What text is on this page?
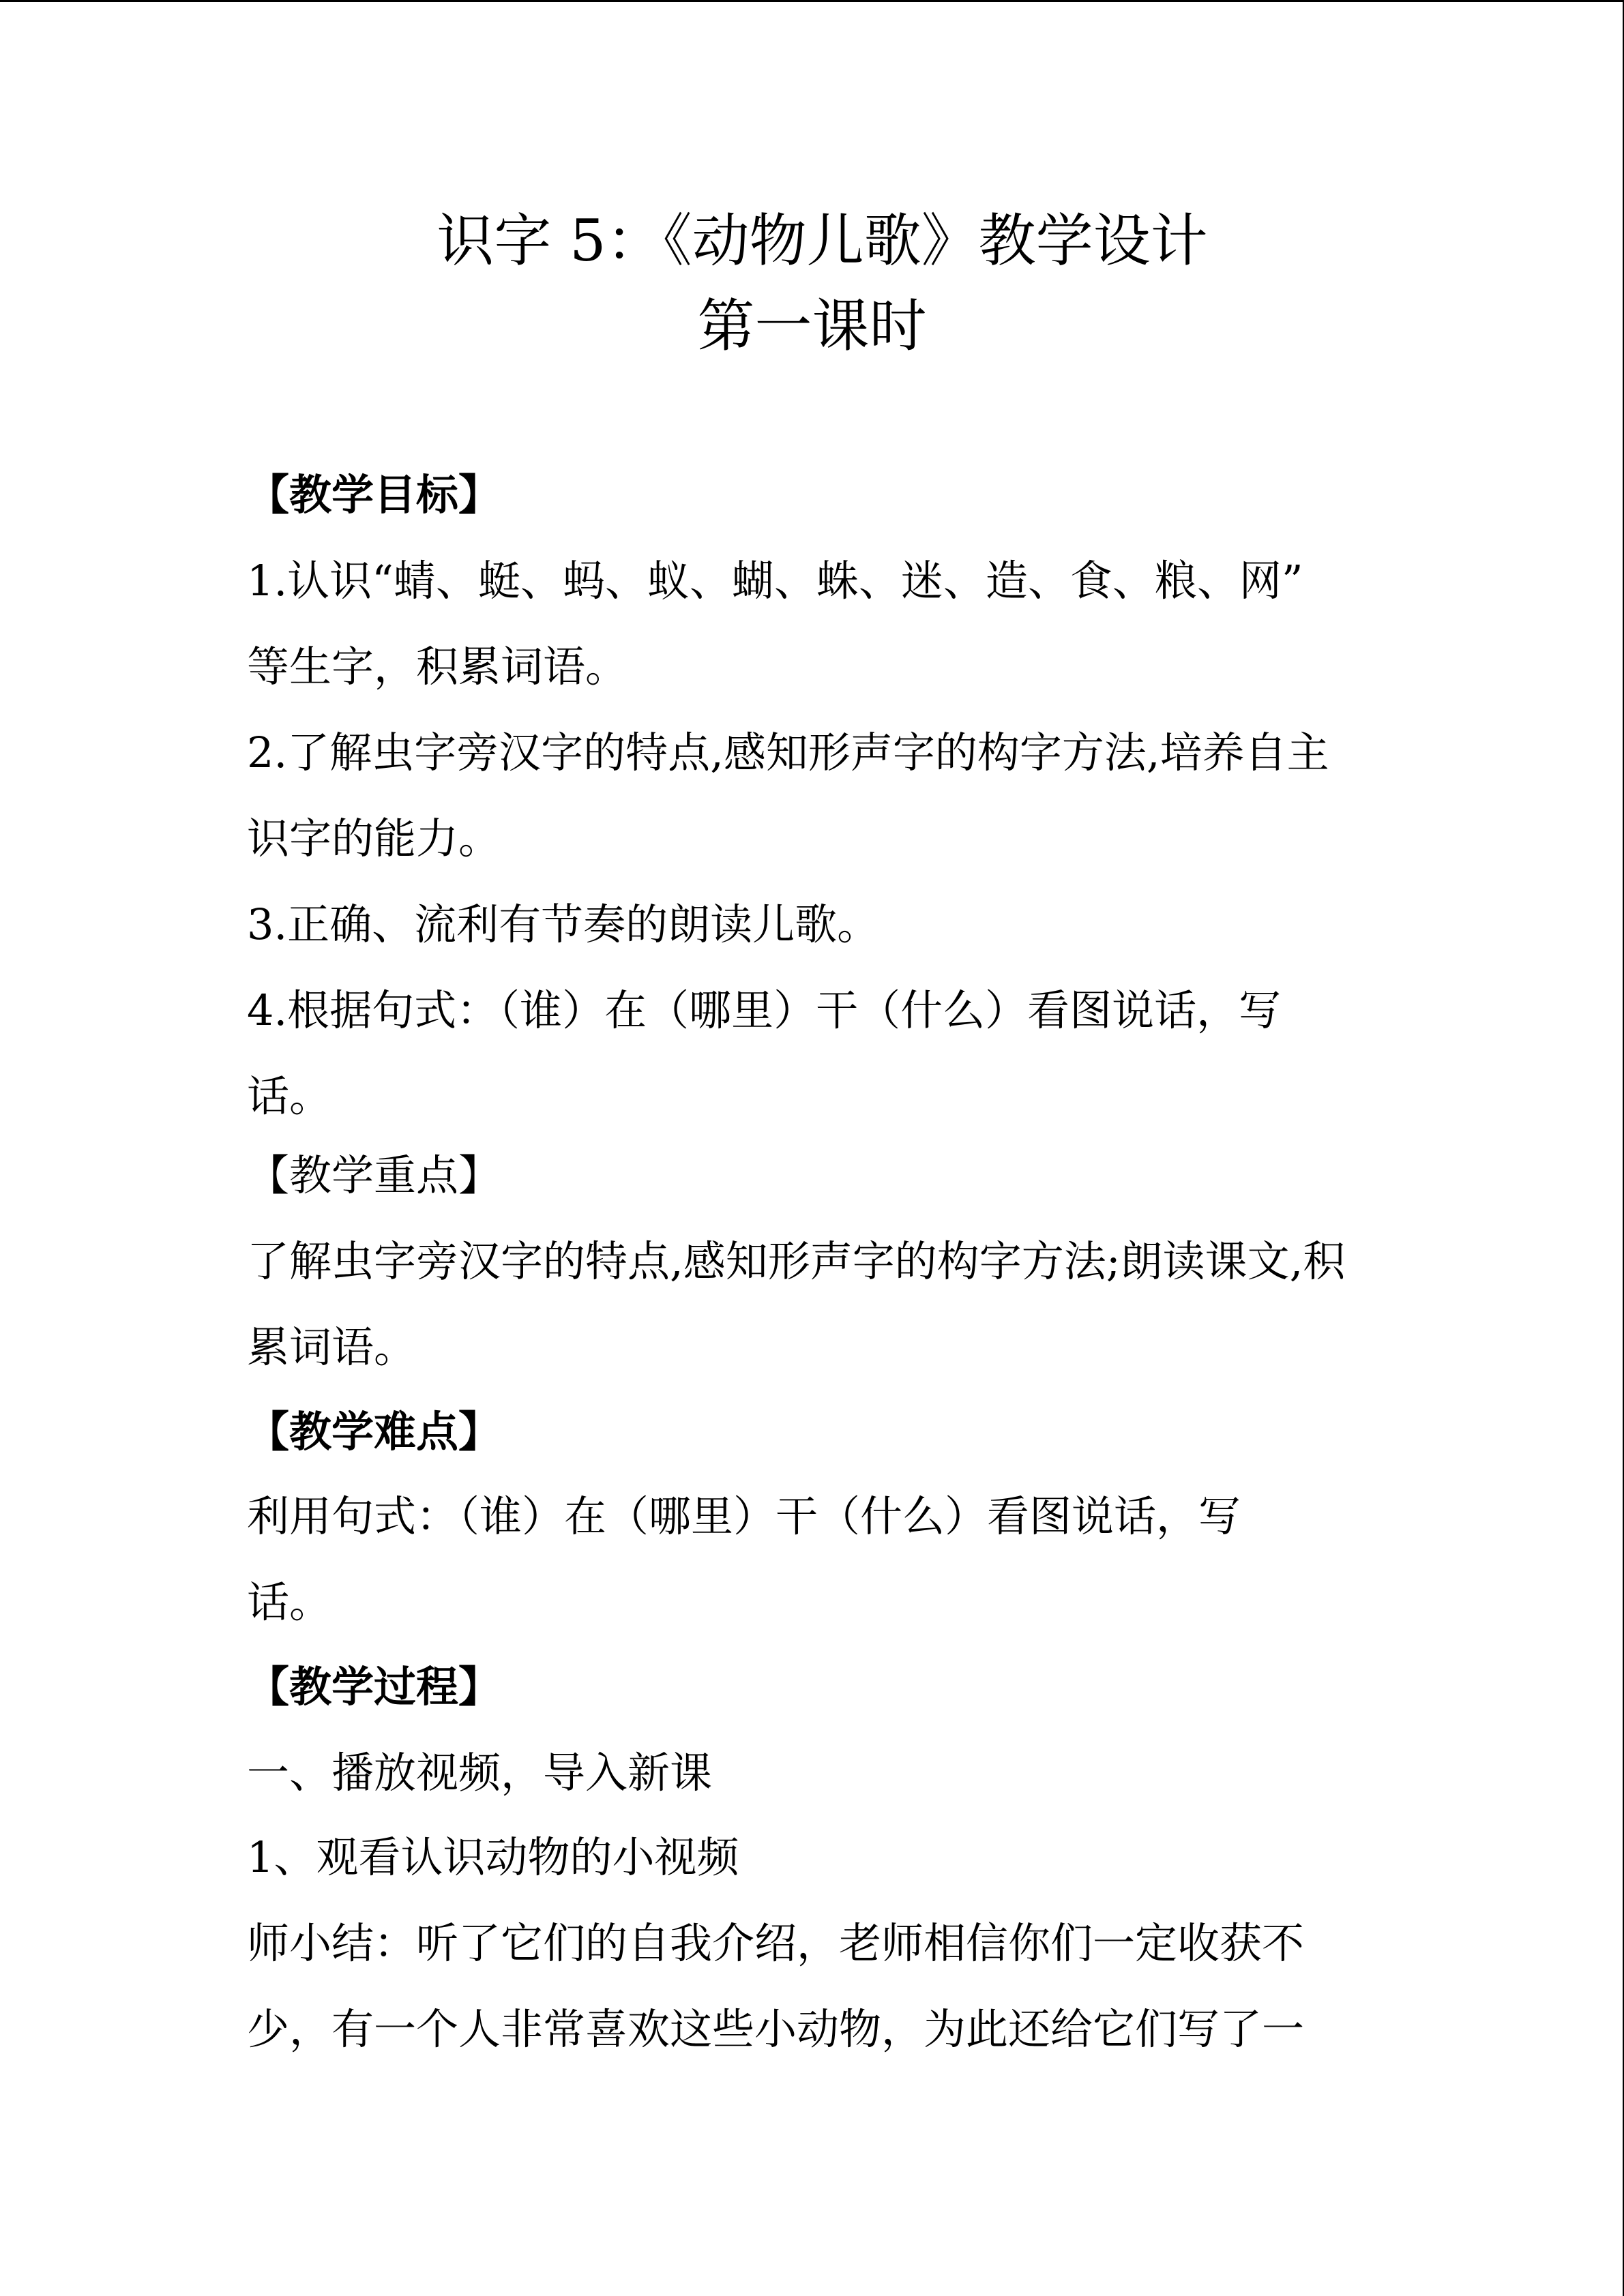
识字 5：《动物儿歌》教学设计
第一课时
【教学目标】
1.认识“蜻、蜓、蚂、蚁、蝴、蛛、迷、造、食、粮、网”
等生字，积累词语。
2.了解虫字旁汉字的特点,感知形声字的构字方法,培养自主
识字的能力。
3.正确、流利有节奏的朗读儿歌。
4.根据句式：（谁）在（哪里）干（什么）看图说话，写
话。
【教学重点】
了解虫字旁汉字的特点,感知形声字的构字方法;朗读课文,积
累词语。
【教学难点】
利用句式：（谁）在（哪里）干（什么）看图说话，写
话。
【教学过程】
一、播放视频，导入新课
1、观看认识动物的小视频
师小结：听了它们的自我介绍，老师相信你们一定收获不
少，有一个人非常喜欢这些小动物，为此还给它们写了一
